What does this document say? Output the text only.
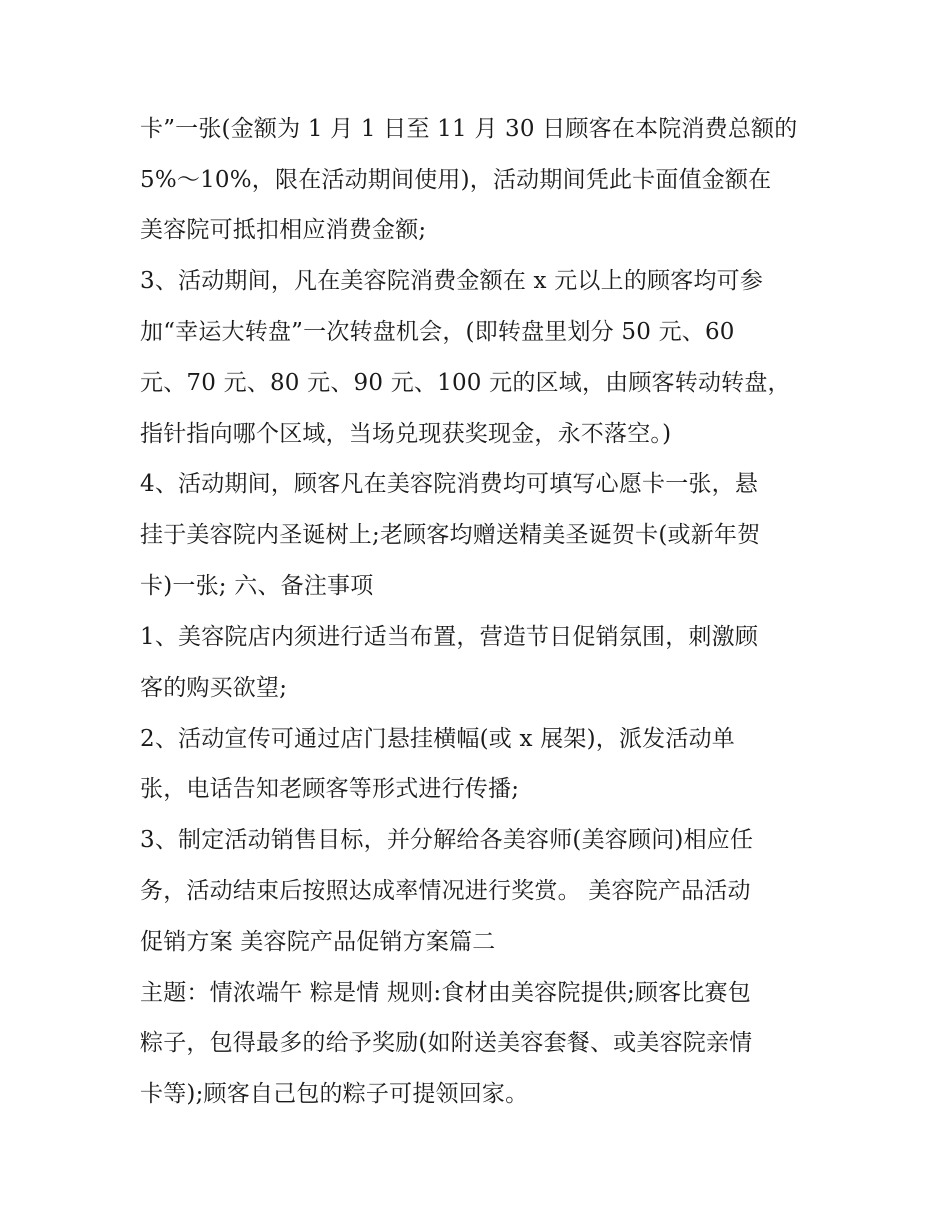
卡”一张(金额为 1 月 1 日至 11 月 30 日顾客在本院消费总额的
5%～10%，限在活动期间使用)，活动期间凭此卡面值金额在
美容院可抵扣相应消费金额;
3、活动期间，凡在美容院消费金额在 x 元以上的顾客均可参
加“幸运大转盘”一次转盘机会，(即转盘里划分 50 元、60
元、70 元、80 元、90 元、100 元的区域，由顾客转动转盘，
指针指向哪个区域，当场兑现获奖现金，永不落空。)
4、活动期间，顾客凡在美容院消费均可填写心愿卡一张，悬
挂于美容院内圣诞树上;老顾客均赠送精美圣诞贺卡(或新年贺
卡)一张; 六、备注事项
1、美容院店内须进行适当布置，营造节日促销氛围，刺激顾
客的购买欲望;
2、活动宣传可通过店门悬挂横幅(或 x 展架)，派发活动单
张，电话告知老顾客等形式进行传播;
3、制定活动销售目标，并分解给各美容师(美容顾问)相应任
务，活动结束后按照达成率情况进行奖赏。 美容院产品活动
促销方案 美容院产品促销方案篇二
主题：情浓端午 粽是情 规则:食材由美容院提供;顾客比赛包
粽子，包得最多的给予奖励(如附送美容套餐、或美容院亲情
卡等);顾客自己包的粽子可提领回家。
